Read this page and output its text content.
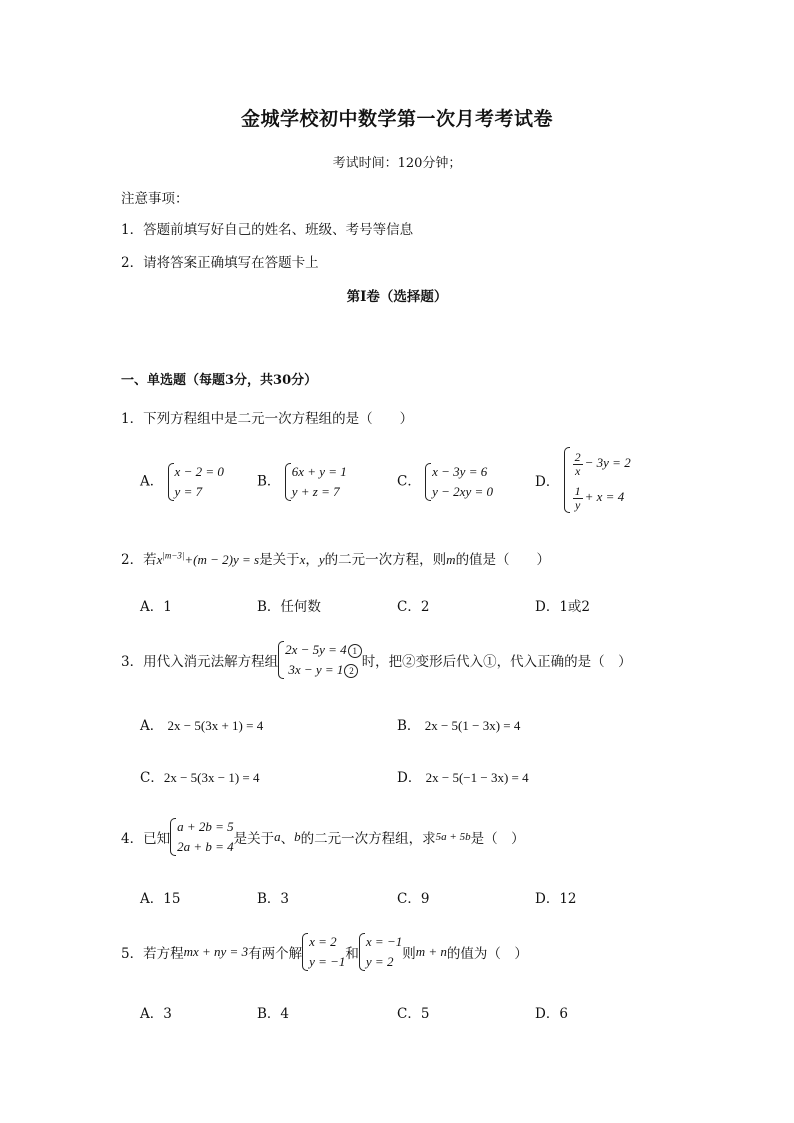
金城学校初中数学第一次月考考试卷
考试时间：120分钟；
注意事项：
1．答题前填写好自己的姓名、班级、考号等信息
2．请将答案正确填写在答题卡上
第Ⅰ卷（选择题）
一、单选题（每题3分，共30分）
1．下列方程组中是二元一次方程组的是（　　）
A．
x − 2 = 0
y = 7
B．
6x + y = 1
y + z = 7
C．
x − 3y = 6
y − 2xy = 0
D．
$\frac{2}{x} - 3y = 2$
$\frac{1}{y} + x = 4$
2．若$x^{|m-3|}+(m - 2)y = s$是关于x，y的二元一次方程，则m的值是（　　）
A．1	B．任何数	C．2	D．1或2
3．用代入消元法解方程组
2x − 5y = 4 1
3x − y = 1 2
时，把②变形后代入①，代入正确的是（　）
A． 2x − 5(3x + 1) = 4	B． 2x − 5(1 − 3x) = 4
C．2x − 5(3x − 1) = 4	D． 2x − 5(−1 − 3x) = 4
4．已知
a + 2b = 5
2a + b = 4 是关于a、b的二元一次方程组，求5a + 5b是（　）
A．15	B．3	C．9	D．12
5．若方程mx + ny = 3有两个解
x = 2
y = −1 和
x = −1
y = 2 则m + n的值为（　）
A．3	B．4	C．5	D．6
